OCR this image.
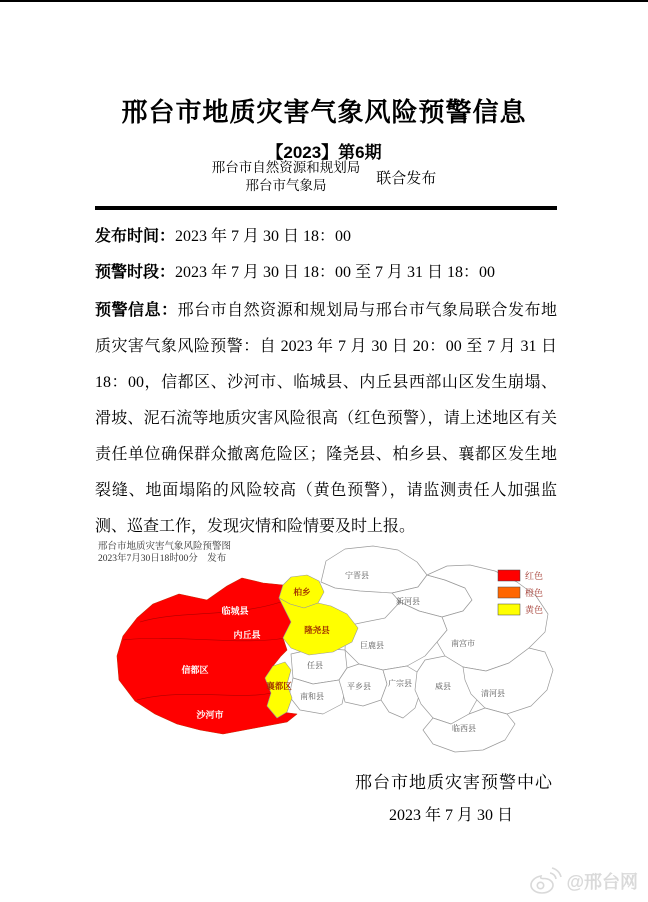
邢台市地质灾害气象风险预警信息
【2023】第6期
邢台市自然资源和规划局
邢台市气象局	联合发布
发布时间：2023 年 7 月 30 日 18：00
预警时段：2023 年 7 月 30 日 18：00 至 7 月 31 日 18：00
预警信息：邢台市自然资源和规划局与邢台市气象局联合发布地质灾害气象风险预警：自 2023 年 7 月 30 日 20：00 至 7 月 31 日 18：00，信都区、沙河市、临城县、内丘县西部山区发生崩塌、滑坡、泥石流等地质灾害风险很高（红色预警），请上述地区有关责任单位确保群众撤离危险区；隆尧县、柏乡县、襄都区发生地裂缝、地面塌陷的风险较高（黄色预警），请监测责任人加强监测、巡查工作，发现灾情和险情要及时上报。
临城县
内丘县
信都区
沙河市
柏乡
隆尧县
襄都区
宁晋县
新河县
南宫市
巨鹿县
任县
平乡县 广宗县	威县
清河县
南和县
临西县
邢台市地质灾害气象风险预警图
2023年7月30日18时00分　发布
红色
橙色
黄色
邢台市地质灾害预警中心
2023 年 7 月 30 日
@邢台网
